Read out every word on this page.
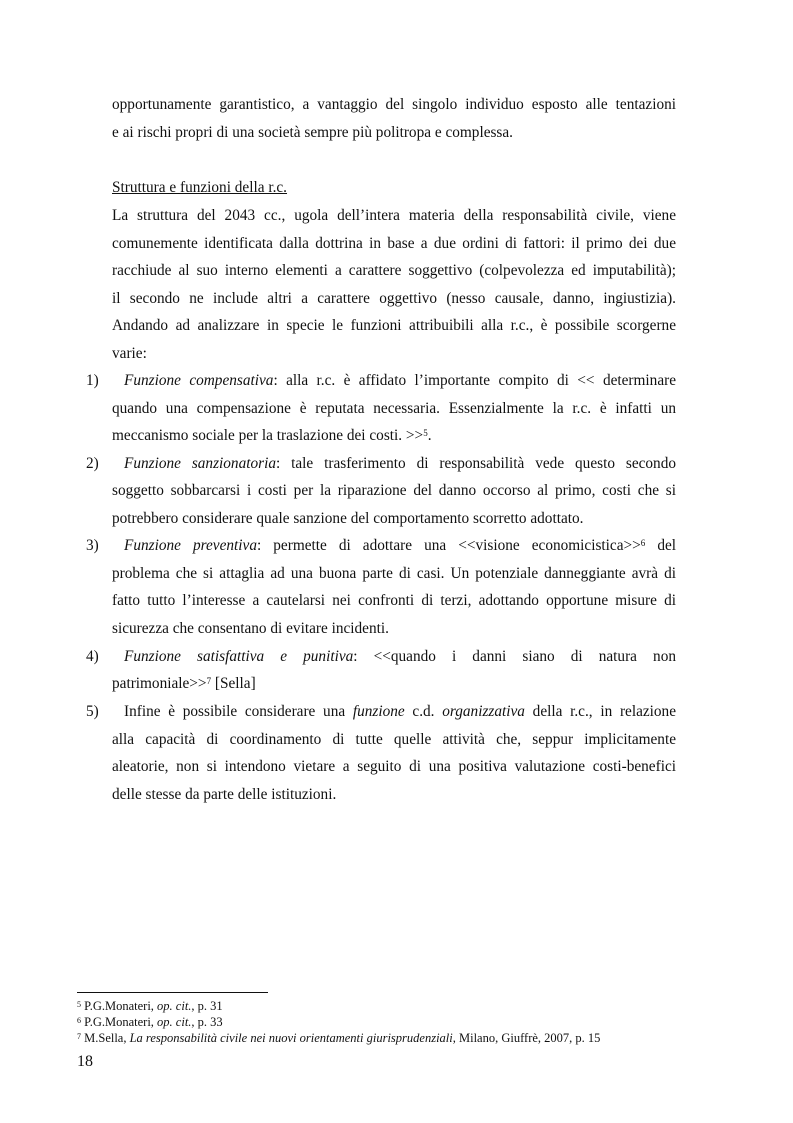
opportunamente garantistico, a vantaggio del singolo individuo esposto alle tentazioni
e ai rischi propri di una società sempre più politropa e complessa.
Struttura e funzioni della r.c.
La struttura del 2043 cc., ugola dell’intera materia della responsabilità civile, viene
comunemente identificata dalla dottrina in base a due ordini di fattori: il primo dei due
racchiude al suo interno elementi a carattere soggettivo (colpevolezza ed imputabilità);
il secondo ne include altri a carattere oggettivo (nesso causale, danno, ingiustizia).
Andando ad analizzare in specie le funzioni attribuibili alla r.c., è possibile scorgerne
varie:
1) Funzione compensativa: alla r.c. è affidato l’importante compito di << determinare
quando una compensazione è reputata necessaria. Essenzialmente la r.c. è infatti un
meccanismo sociale per la traslazione dei costi. >>$^5$.
2) Funzione sanzionatoria: tale trasferimento di responsabilità vede questo secondo
soggetto sobbarcarsi i costi per la riparazione del danno occorso al primo, costi che si
potrebbero considerare quale sanzione del comportamento scorretto adottato.
3) Funzione preventiva: permette di adottare una <<visione economicistica>>$^6$ del
problema che si attaglia ad una buona parte di casi. Un potenziale danneggiante avrà di
fatto tutto l’interesse a cautelarsi nei confronti di terzi, adottando opportune misure di
sicurezza che consentano di evitare incidenti.
4) Funzione satisfattiva e punitiva: <<quando i danni siano di natura non
patrimoniale>>$^7$ [Sella]
5) Infine è possibile considerare una funzione c.d. organizzativa della r.c., in relazione
alla capacità di coordinamento di tutte quelle attività che, seppur implicitamente
aleatorie, non si intendono vietare a seguito di una positiva valutazione costi-benefici
delle stesse da parte delle istituzioni.
$^5$ P.G.Monateri, op. cit., p. 31
$^6$ P.G.Monateri, op. cit., p. 33
$^7$ M.Sella, La responsabilità civile nei nuovi orientamenti giurisprudenziali, Milano, Giuffrè, 2007, p. 15
18
